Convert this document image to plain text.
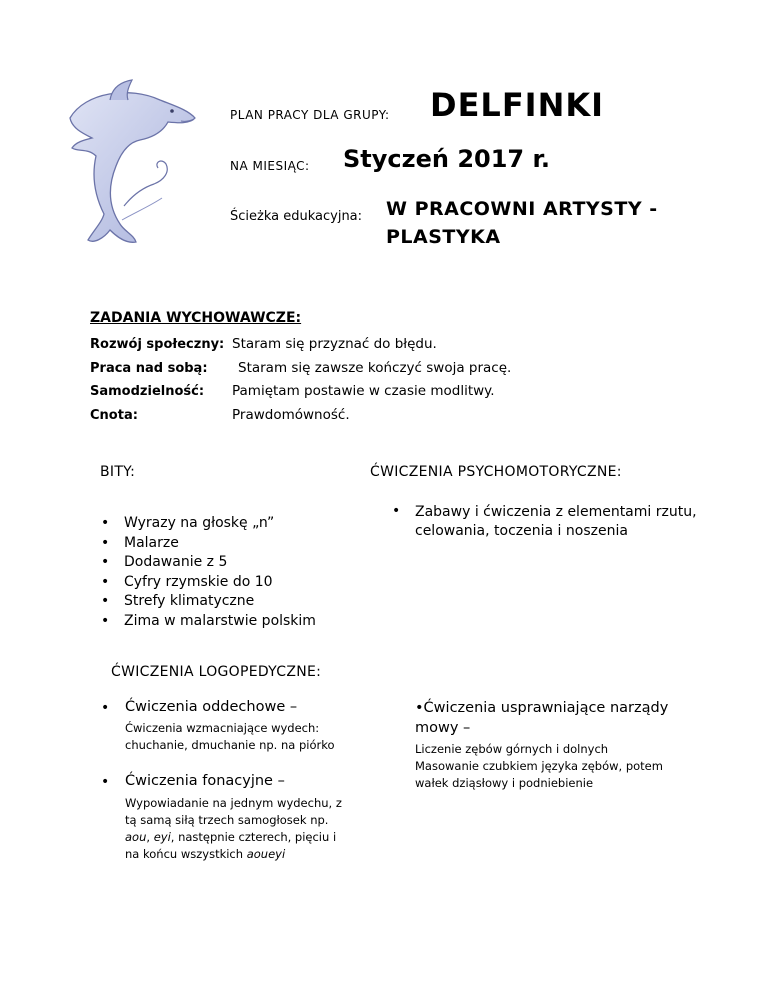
PLAN PRACY DLA GRUPY: DELFINKI
NA MIESIĄC: Styczeń 2017 r.
Ścieżka edukacyjna: W PRACOWNI ARTYSTY -
PLASTYKA
ZADANIA WYCHOWAWCZE:
Rozwój społeczny: Staram się przyznać do błędu.
Praca nad sobą: Staram się zawsze kończyć swoja pracę.
Samodzielność: Pamiętam postawie w czasie modlitwy.
Cnota:	Prawdomówność.
BITY:
• Wyrazy na głoskę „n”
• Malarze
• Dodawanie z 5
• Cyfry rzymskie do 10
• Strefy klimatyczne
• Zima w malarstwie polskim
ĆWICZENIA PSYCHOMOTORYCZNE:
• Zabawy i ćwiczenia z elementami rzutu, celowania, toczenia i noszenia
ĆWICZENIA LOGOPEDYCZNE:
• Ćwiczenia oddechowe –
Ćwiczenia wzmacniające wydech:
chuchanie, dmuchanie np. na piórko
• Ćwiczenia fonacyjne –
Wypowiadanie na jednym wydechu, z
tą samą siłą trzech samogłosek np.
aou, eyi, następnie czterech, pięciu i
na końcu wszystkich aoueyi
•Ćwiczenia usprawniające narządy
mowy –
Liczenie zębów górnych i dolnych
Masowanie czubkiem języka zębów, potem
wałek dziąsłowy i podniebienie
